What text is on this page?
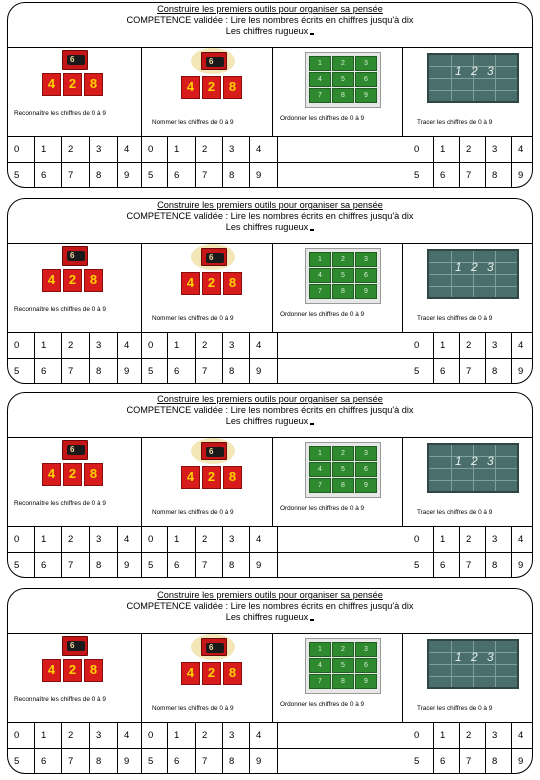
Construire les premiers outils pour organiser sa pensée
COMPETENCE validée : Lire les nombres écrits en chiffres jusqu'à dix
Les chiffres rugueux
6
4	2	8
Reconnaître les chiffres de 0 à 9
6
4	2	8
Nommer les chiffres de 0 à 9
1	2	3
4	5	6
7	8	9
Ordonner les chiffres de 0 à 9
1 2 3
Tracer les chiffres de 0 à 9
0	1	2	3	4	0	1	2	3	4	0	1	2	3	4
5	6	7	8	9	5	6	7	8	9	5	6	7	8	9
Construire les premiers outils pour organiser sa pensée
COMPETENCE validée : Lire les nombres écrits en chiffres jusqu'à dix
Les chiffres rugueux
6
4	2	8
Reconnaître les chiffres de 0 à 9
6
4	2	8
Nommer les chiffres de 0 à 9
1	2	3
4	5	6
7	8	9
Ordonner les chiffres de 0 à 9
1 2 3
Tracer les chiffres de 0 à 9
0	1	2	3	4	0	1	2	3	4	0	1	2	3	4
5	6	7	8	9	5	6	7	8	9	5	6	7	8	9
Construire les premiers outils pour organiser sa pensée
COMPETENCE validée : Lire les nombres écrits en chiffres jusqu'à dix
Les chiffres rugueux
6
4	2	8
Reconnaître les chiffres de 0 à 9
6
4	2	8
Nommer les chiffres de 0 à 9
1	2	3
4	5	6
7	8	9
Ordonner les chiffres de 0 à 9
1 2 3
Tracer les chiffres de 0 à 9
0	1	2	3	4	0	1	2	3	4	0	1	2	3	4
5	6	7	8	9	5	6	7	8	9	5	6	7	8	9
Construire les premiers outils pour organiser sa pensée
COMPETENCE validée : Lire les nombres écrits en chiffres jusqu'à dix
Les chiffres rugueux
6
4	2	8
Reconnaître les chiffres de 0 à 9
6
4	2	8
Nommer les chiffres de 0 à 9
1	2	3
4	5	6
7	8	9
Ordonner les chiffres de 0 à 9
1 2 3
Tracer les chiffres de 0 à 9
0	1	2	3	4	0	1	2	3	4	0	1	2	3	4
5	6	7	8	9	5	6	7	8	9	5	6	7	8	9
